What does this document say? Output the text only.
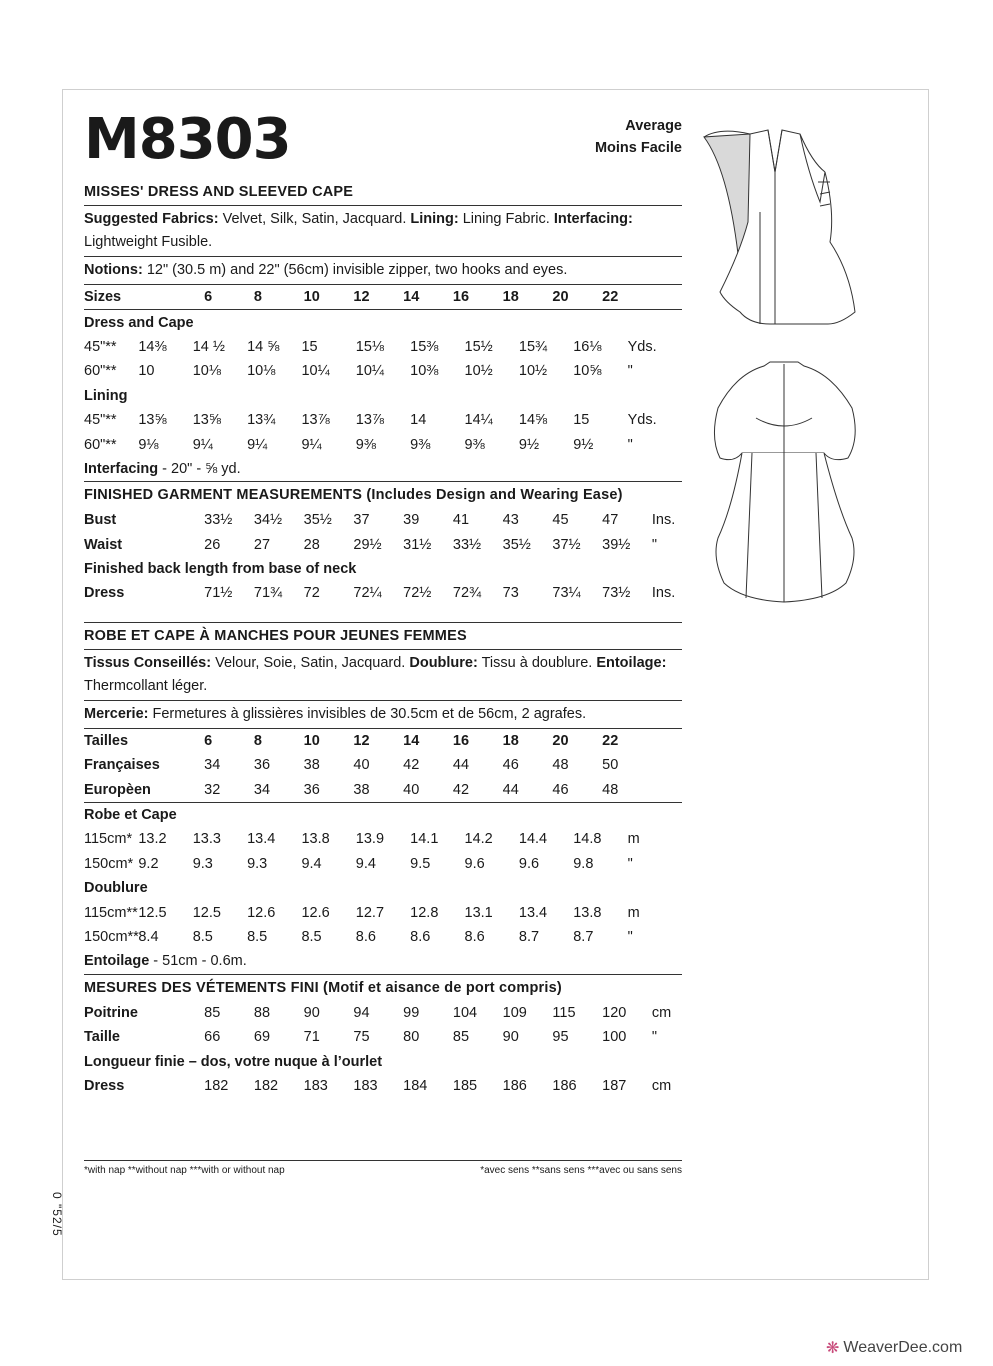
Average
Moins Facile
M8303
MISSES' DRESS AND SLEEVED CAPE
Suggested Fabrics: Velvet, Silk, Satin, Jacquard. Lining: Lining Fabric. Interfacing: Lightweight Fusible.
Notions: 12" (30.5 m) and 22" (56cm) invisible zipper, two hooks and eyes.
Sizes	6	8	10	12	14	16	18	20	22	
Dress and Cape										
45"**	14⅜	14 ½	14 ⅝	15	15⅛	15⅜	15½	15¾	16⅛	Yds.
60"**	10	10⅛	10⅛	10¼	10¼	10⅜	10½	10½	10⅝	"
Lining										
45"**	13⅝	13⅝	13¾	13⅞	13⅞	14	14¼	14⅝	15	Yds.
60"**	9⅛	9¼	9¼	9¼	9⅜	9⅜	9⅜	9½	9½	"
Interfacing - 20" - ⅝ yd.										
FINISHED GARMENT MEASUREMENTS (Includes Design and Wearing Ease)
Bust	33½	34½	35½	37	39	41	43	45	47	Ins.
Waist	26	27	28	29½	31½	33½	35½	37½	39½	"
Finished back length from base of neck										
Dress	71½	71¾	72	72¼	72½	72¾	73	73¼	73½	Ins.
ROBE ET CAPE À MANCHES POUR JEUNES FEMMES
Tissus Conseillés: Velour, Soie, Satin, Jacquard. Doublure: Tissu à doublure. Entoilage: Thermcollant léger.
Mercerie: Fermetures à glissières invisibles de 30.5cm et de 56cm, 2 agrafes.
Tailles	6	8	10	12	14	16	18	20	22	
Françaises	34	36	38	40	42	44	46	48	50	
Europèen	32	34	36	38	40	42	44	46	48	
Robe et Cape										
115cm*	13.2	13.3	13.4	13.8	13.9	14.1	14.2	14.4	14.8	m
150cm*	9.2	9.3	9.3	9.4	9.4	9.5	9.6	9.6	9.8	"
Doublure										
115cm**	12.5	12.5	12.6	12.6	12.7	12.8	13.1	13.4	13.8	m
150cm**	8.4	8.5	8.5	8.5	8.6	8.6	8.6	8.7	8.7	"
Entoilage - 51cm - 0.6m.										
MESURES DES VÉTEMENTS FINI (Motif et aisance de port compris)
Poitrine	85	88	90	94	99	104	109	115	120	cm
Taille	66	69	71	75	80	85	90	95	100	"
Longueur finie – dos, votre nuque à l’ourlet										
Dress	182	182	183	183	184	185	186	186	187	cm
*with nap **without nap ***with or without nap	*avec sens **sans sens ***avec ou sans sens
0 "52/5
❋ WeaverDee.com
